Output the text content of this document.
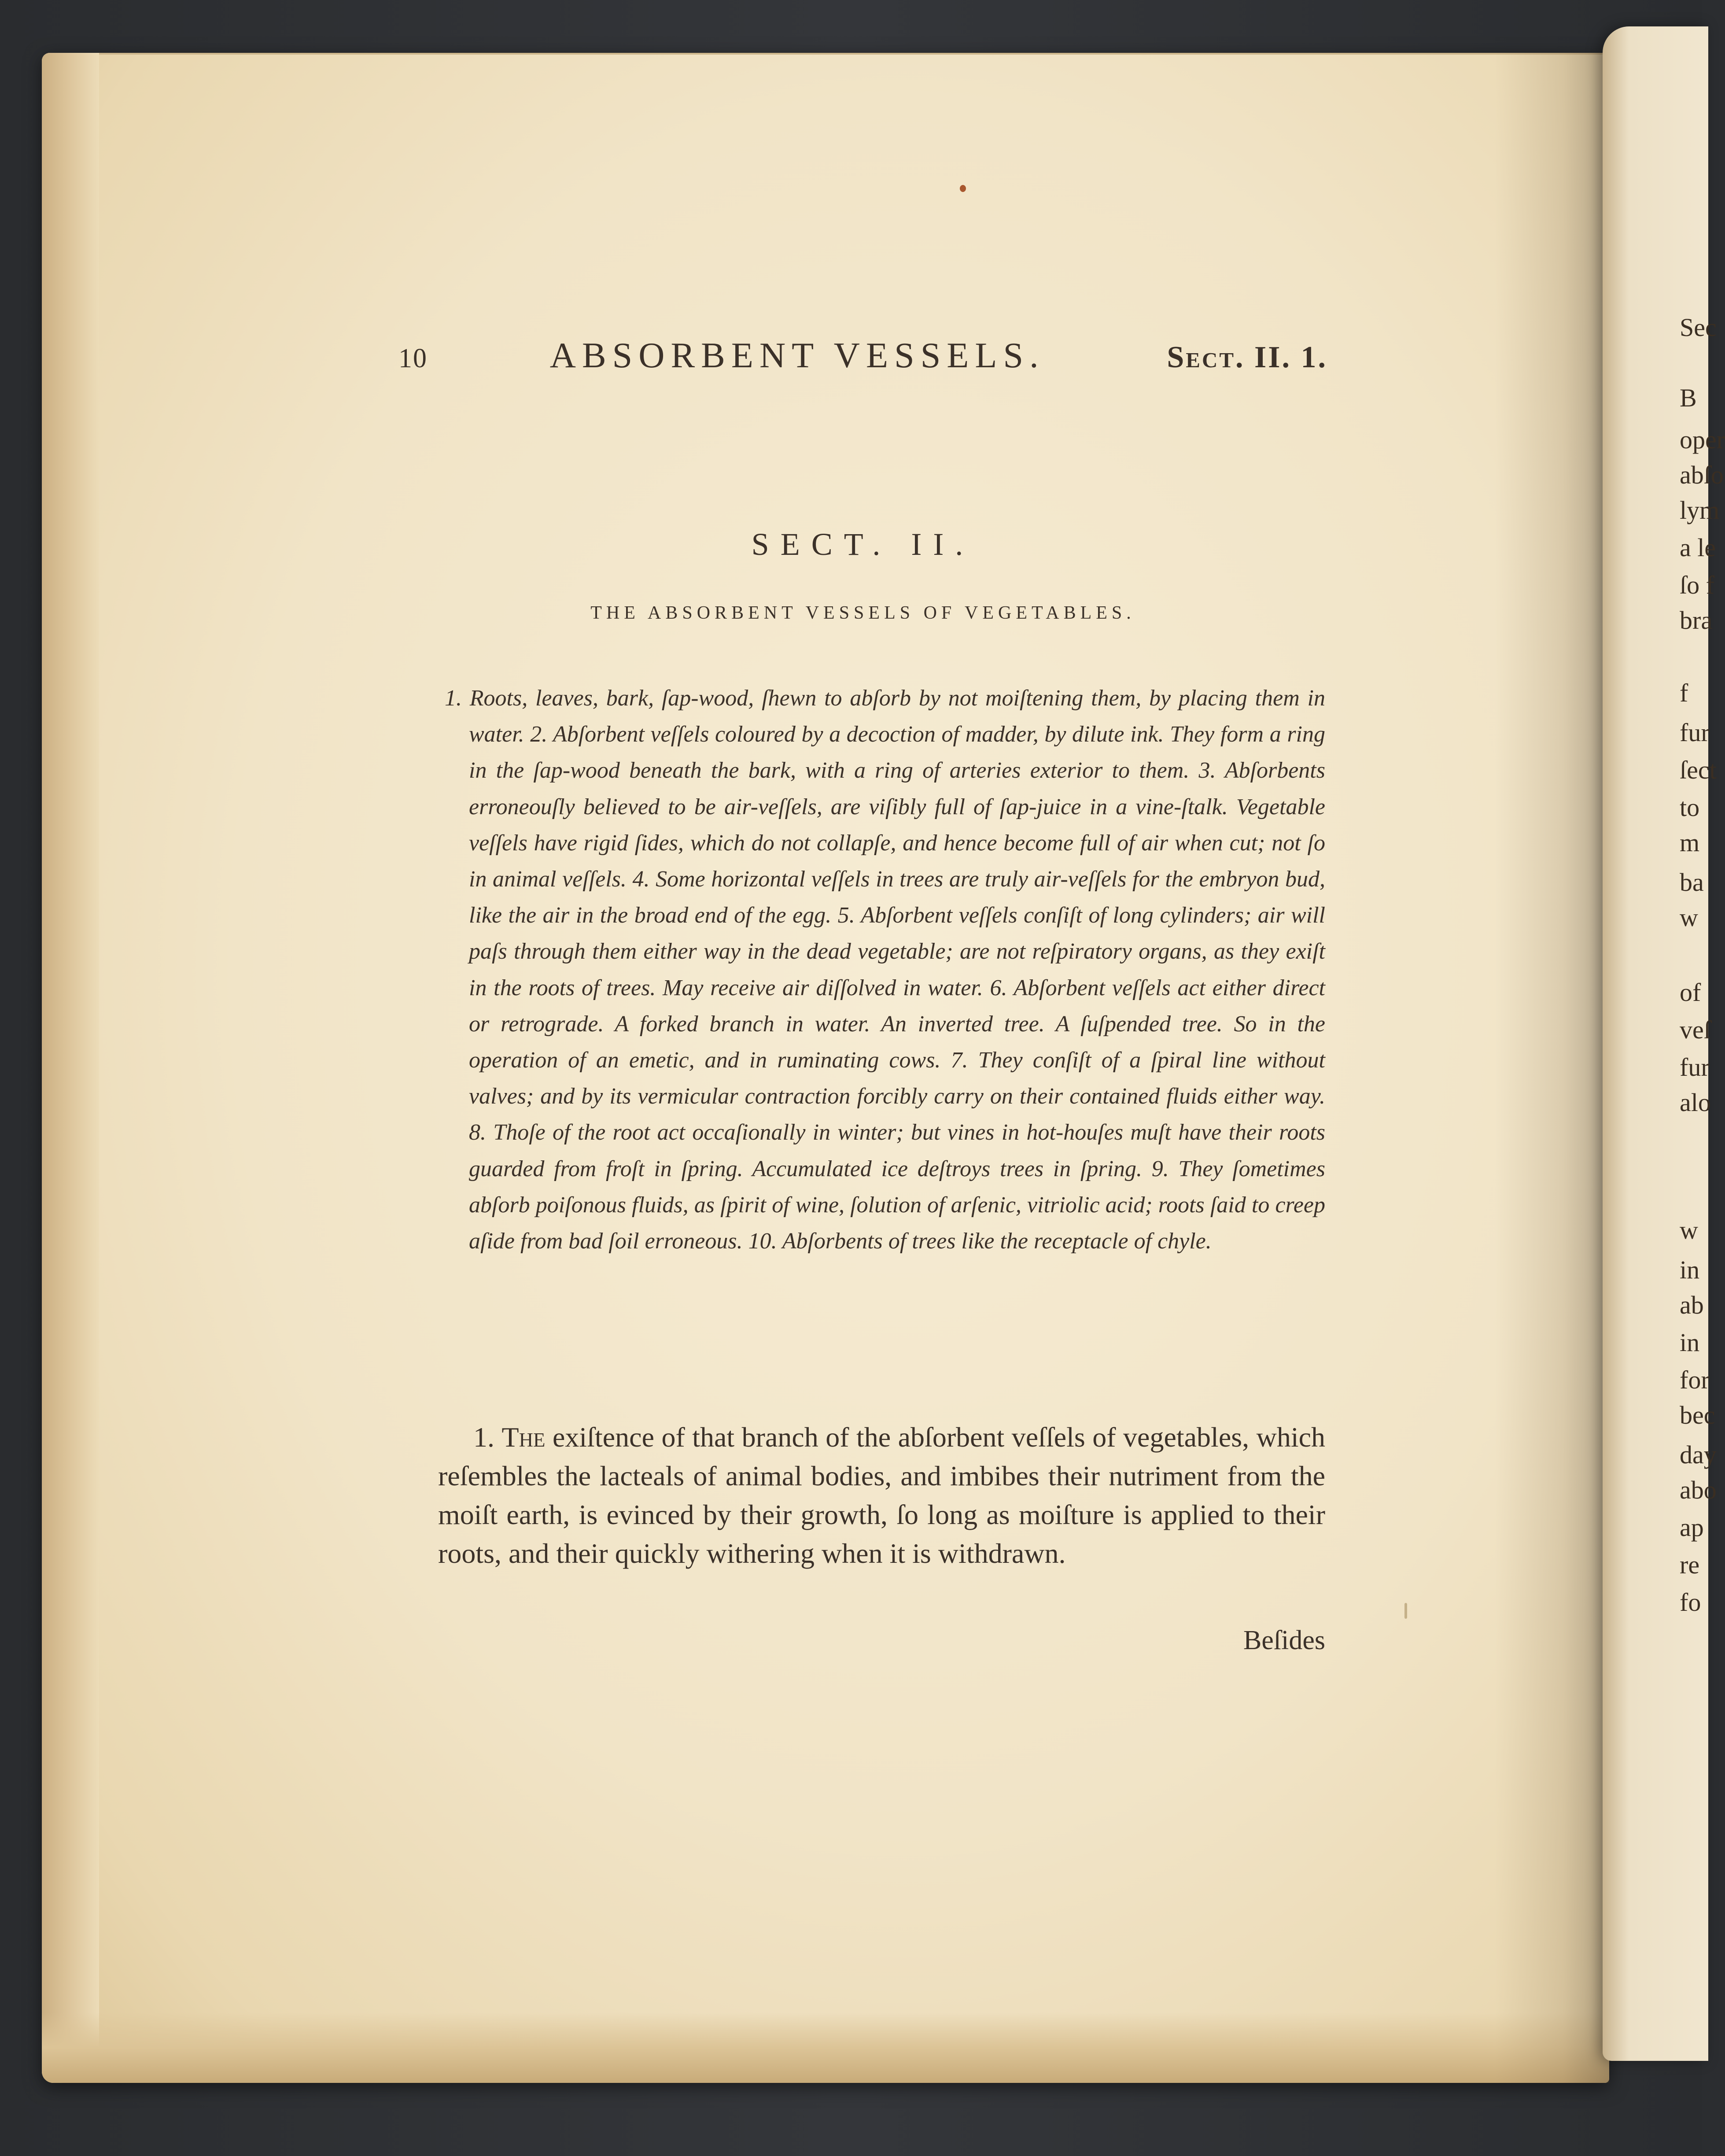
10	ABSORBENT VESSELS.	Sect. II. 1.
SECT. II.
THE ABSORBENT VESSELS OF VEGETABLES.

1. Roots, leaves, bark, ſap-wood, ſhewn to abſorb by not moiſtening them, by placing them in water. 2. Abſorbent veſſels coloured by a decoction of madder, by dilute ink. They form a ring in the ſap-wood beneath the bark, with a ring of arteries exterior to them. 3. Abſorbents erroneouſly believed to be air-veſſels, are viſibly full of ſap-juice in a vine-ſtalk. Vegetable veſſels have rigid ſides, which do not collapſe, and hence become full of air when cut; not ſo in animal veſſels. 4. Some horizontal veſſels in trees are truly air-veſſels for the embryon bud, like the air in the broad end of the egg. 5. Abſorbent veſſels conſiſt of long cylinders; air will paſs through them either way in the dead vegetable; are not reſpiratory organs, as they exiſt in the roots of trees. May receive air diſſolved in water. 6. Abſorbent veſſels act either direct or retrograde. A forked branch in water. An inverted tree. A ſuſpended tree. So in the operation of an emetic, and in ruminating cows. 7. They conſiſt of a ſpiral line without valves; and by its vermicular contraction forcibly carry on their contained fluids either way. 8. Thoſe of the root act occaſionally in winter; but vines in hot-houſes muſt have their roots guarded from froſt in ſpring. Accumulated ice deſtroys trees in ſpring. 9. They ſometimes abſorb poiſonous fluids, as ſpirit of wine, ſolution of arſenic, vitriolic acid; roots ſaid to creep aſide from bad ſoil erroneous. 10. Abſorbents of trees like the receptacle of chyle.

1. The exiſtence of that branch of the abſorbent veſſels of vegetables, which reſembles the lacteals of animal bodies, and imbibes their nutriment from the moiſt earth, is evinced by their growth, ſo long as moiſture is applied to their roots, and their quickly withering when it is withdrawn.

Beſides
Sec
B
oper
abſo
lym
a le
ſo f
bra
f
fur
ſect
to
m
ba
w
of
veſ
fur
alo
w
in
ab
in
for
bec
day
abo
ap
re
fo
